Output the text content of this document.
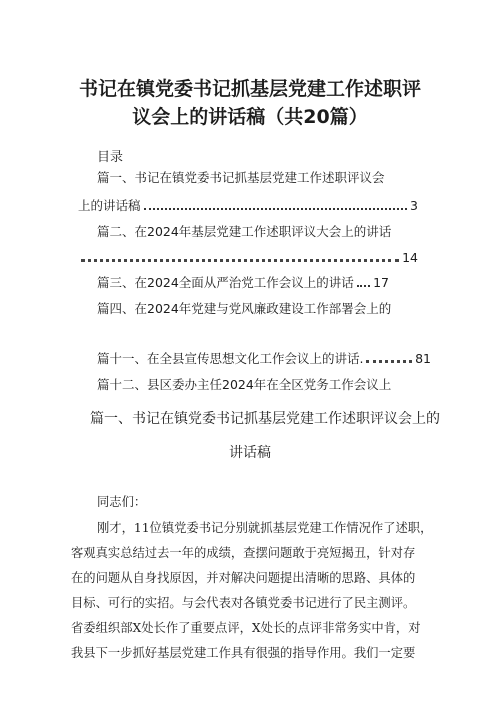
书记在镇党委书记抓基层党建工作述职评
议会上的讲话稿（共20篇）
目录
篇一、书记在镇党委书记抓基层党建工作述职评议会
上的讲话稿	3
篇二、在2024年基层党建工作述职评议大会上的讲话
14
篇三、在2024全面从严治党工作会议上的讲话 17
篇四、在2024年党建与党风廉政建设工作部署会上的
篇十一、在全县宣传思想文化工作会议上的讲话.	81
篇十二、县区委办主任2024年在全区党务工作会议上
篇一、书记在镇党委书记抓基层党建工作述职评议会上的
讲话稿
同志们：
刚才，11位镇党委书记分别就抓基层党建工作情况作了述职，
客观真实总结过去一年的成绩，查摆问题敢于亮短揭丑，针对存
在的问题从自身找原因，并对解决问题提出清晰的思路、具体的
目标、可行的实招。与会代表对各镇党委书记进行了民主测评。
省委组织部X处长作了重要点评，X处长的点评非常务实中肯，对
我县下一步抓好基层党建工作具有很强的指导作用。我们一定要
